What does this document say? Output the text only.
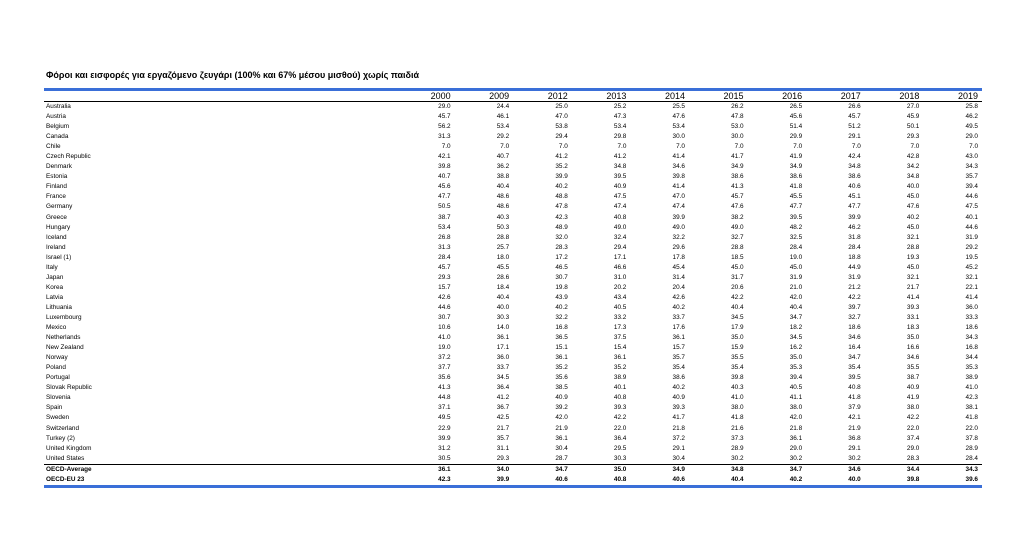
Φόροι και εισφορές για εργαζόμενο ζευγάρι (100% και 67% μέσου μισθού) χωρίς παιδιά

	2000	2009	2012	2013	2014	2015	2016	2017	2018	2019
Australia	29.0	24.4	25.0	25.2	25.5	26.2	26.5	26.6	27.0	25.8
Austria	45.7	46.1	47.0	47.3	47.6	47.8	45.6	45.7	45.9	46.2
Belgium	56.2	53.4	53.8	53.4	53.4	53.0	51.4	51.2	50.1	49.5
Canada	31.3	29.2	29.4	29.8	30.0	30.0	29.9	29.1	29.3	29.0
Chile	7.0	7.0	7.0	7.0	7.0	7.0	7.0	7.0	7.0	7.0
Czech Republic	42.1	40.7	41.2	41.2	41.4	41.7	41.9	42.4	42.8	43.0
Denmark	39.8	36.2	35.2	34.8	34.6	34.9	34.9	34.8	34.2	34.3
Estonia	40.7	38.8	39.9	39.5	39.8	38.6	38.6	38.6	34.8	35.7
Finland	45.6	40.4	40.2	40.9	41.4	41.3	41.8	40.6	40.0	39.4
France	47.7	48.6	48.8	47.5	47.0	45.7	45.5	45.1	45.0	44.6
Germany	50.5	48.6	47.8	47.4	47.4	47.6	47.7	47.7	47.6	47.5
Greece	38.7	40.3	42.3	40.8	39.9	38.2	39.5	39.9	40.2	40.1
Hungary	53.4	50.3	48.9	49.0	49.0	49.0	48.2	46.2	45.0	44.6
Iceland	26.8	28.8	32.0	32.4	32.2	32.7	32.5	31.8	32.1	31.9
Ireland	31.3	25.7	28.3	29.4	29.6	28.8	28.4	28.4	28.8	29.2
Israel (1)	28.4	18.0	17.2	17.1	17.8	18.5	19.0	18.8	19.3	19.5
Italy	45.7	45.5	46.5	46.6	45.4	45.0	45.0	44.9	45.0	45.2
Japan	29.3	28.6	30.7	31.0	31.4	31.7	31.9	31.9	32.1	32.1
Korea	15.7	18.4	19.8	20.2	20.4	20.6	21.0	21.2	21.7	22.1
Latvia	42.6	40.4	43.9	43.4	42.6	42.2	42.0	42.2	41.4	41.4
Lithuania	44.6	40.0	40.2	40.5	40.2	40.4	40.4	39.7	39.3	36.0
Luxembourg	30.7	30.3	32.2	33.2	33.7	34.5	34.7	32.7	33.1	33.3
Mexico	10.6	14.0	16.8	17.3	17.6	17.9	18.2	18.6	18.3	18.6
Netherlands	41.0	36.1	36.5	37.5	36.1	35.0	34.5	34.6	35.0	34.3
New Zealand	19.0	17.1	15.1	15.4	15.7	15.9	16.2	16.4	16.6	16.8
Norway	37.2	36.0	36.1	36.1	35.7	35.5	35.0	34.7	34.6	34.4
Poland	37.7	33.7	35.2	35.2	35.4	35.4	35.3	35.4	35.5	35.3
Portugal	35.6	34.5	35.6	38.9	38.6	39.8	39.4	39.5	38.7	38.9
Slovak Republic	41.3	36.4	38.5	40.1	40.2	40.3	40.5	40.8	40.9	41.0
Slovenia	44.8	41.2	40.9	40.8	40.9	41.0	41.1	41.8	41.9	42.3
Spain	37.1	36.7	39.2	39.3	39.3	38.0	38.0	37.9	38.0	38.1
Sweden	49.5	42.5	42.0	42.2	41.7	41.8	42.0	42.1	42.2	41.8
Switzerland	22.9	21.7	21.9	22.0	21.8	21.6	21.8	21.9	22.0	22.0
Turkey (2)	39.9	35.7	36.1	36.4	37.2	37.3	36.1	36.8	37.4	37.8
United Kingdom	31.2	31.1	30.4	29.5	29.1	28.9	29.0	29.1	29.0	28.9
United States	30.5	29.3	28.7	30.3	30.4	30.2	30.2	30.2	28.3	28.4
OECD-Average	36.1	34.0	34.7	35.0	34.9	34.8	34.7	34.6	34.4	34.3
OECD-EU 23	42.3	39.9	40.6	40.8	40.6	40.4	40.2	40.0	39.8	39.6
